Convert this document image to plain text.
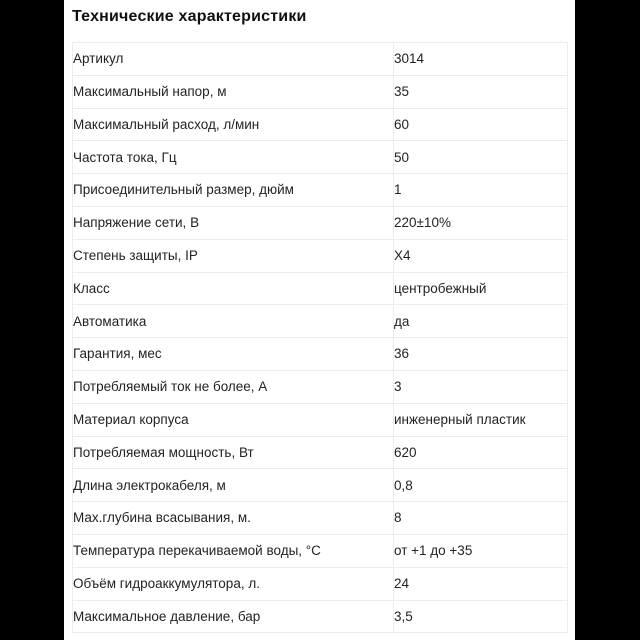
Технические характеристики
Артикул	3014
Максимальный напор, м	35
Максимальный расход, л/мин	60
Частота тока, Гц	50
Присоединительный размер, дюйм	1
Напряжение сети, В	220±10%
Степень защиты, IP	X4
Класс	центробежный
Автоматика	да
Гарантия, мес	36
Потребляемый ток не более, А	3
Материал корпуса	инженерный пластик
Потребляемая мощность, Вт	620
Длина электрокабеля, м	0,8
Мах.глубина всасывания, м.	8
Температура перекачиваемой воды, °С	от +1 до +35
Объём гидроаккумулятора, л.	24
Максимальное давление, бар	3,5
